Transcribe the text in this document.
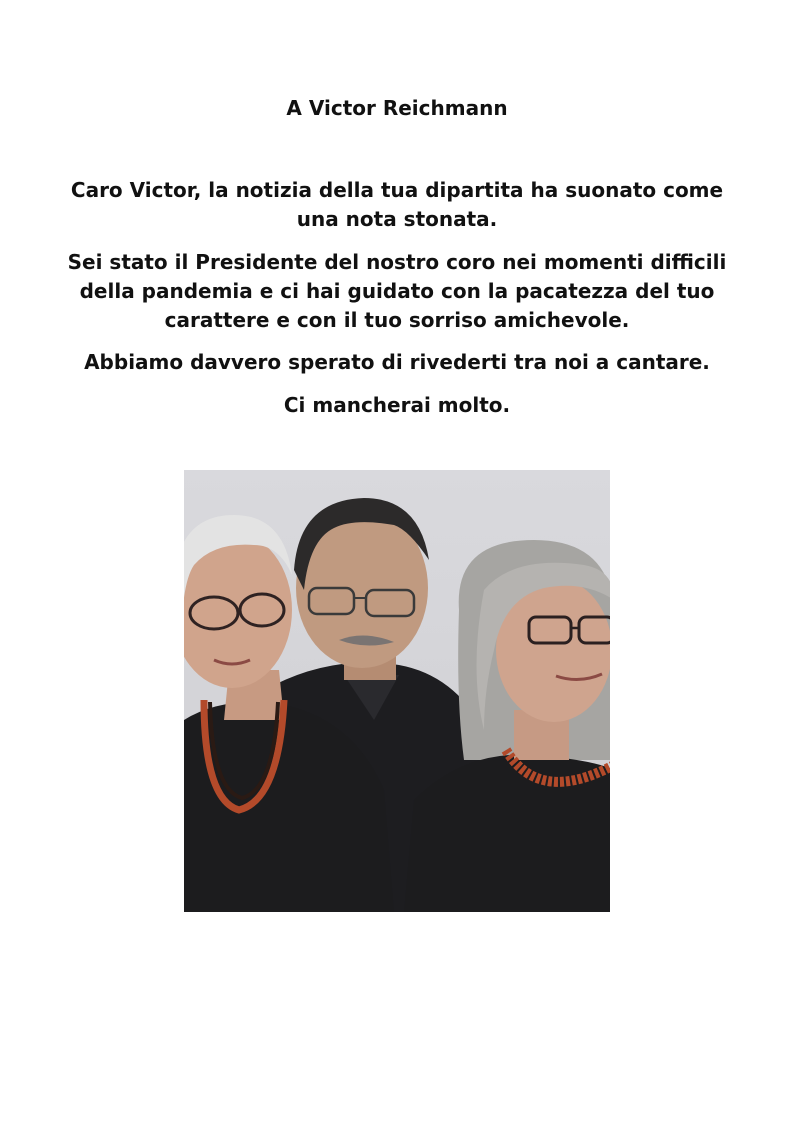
A Victor Reichmann

Caro Victor, la notizia della tua dipartita ha suonato come una nota stonata.

Sei stato il Presidente del nostro coro nei momenti difficili della pandemia e ci hai guidato con la pacatezza del tuo carattere e con il tuo sorriso amichevole.

Abbiamo davvero sperato di rivederti tra noi a cantare.

Ci mancherai molto.
